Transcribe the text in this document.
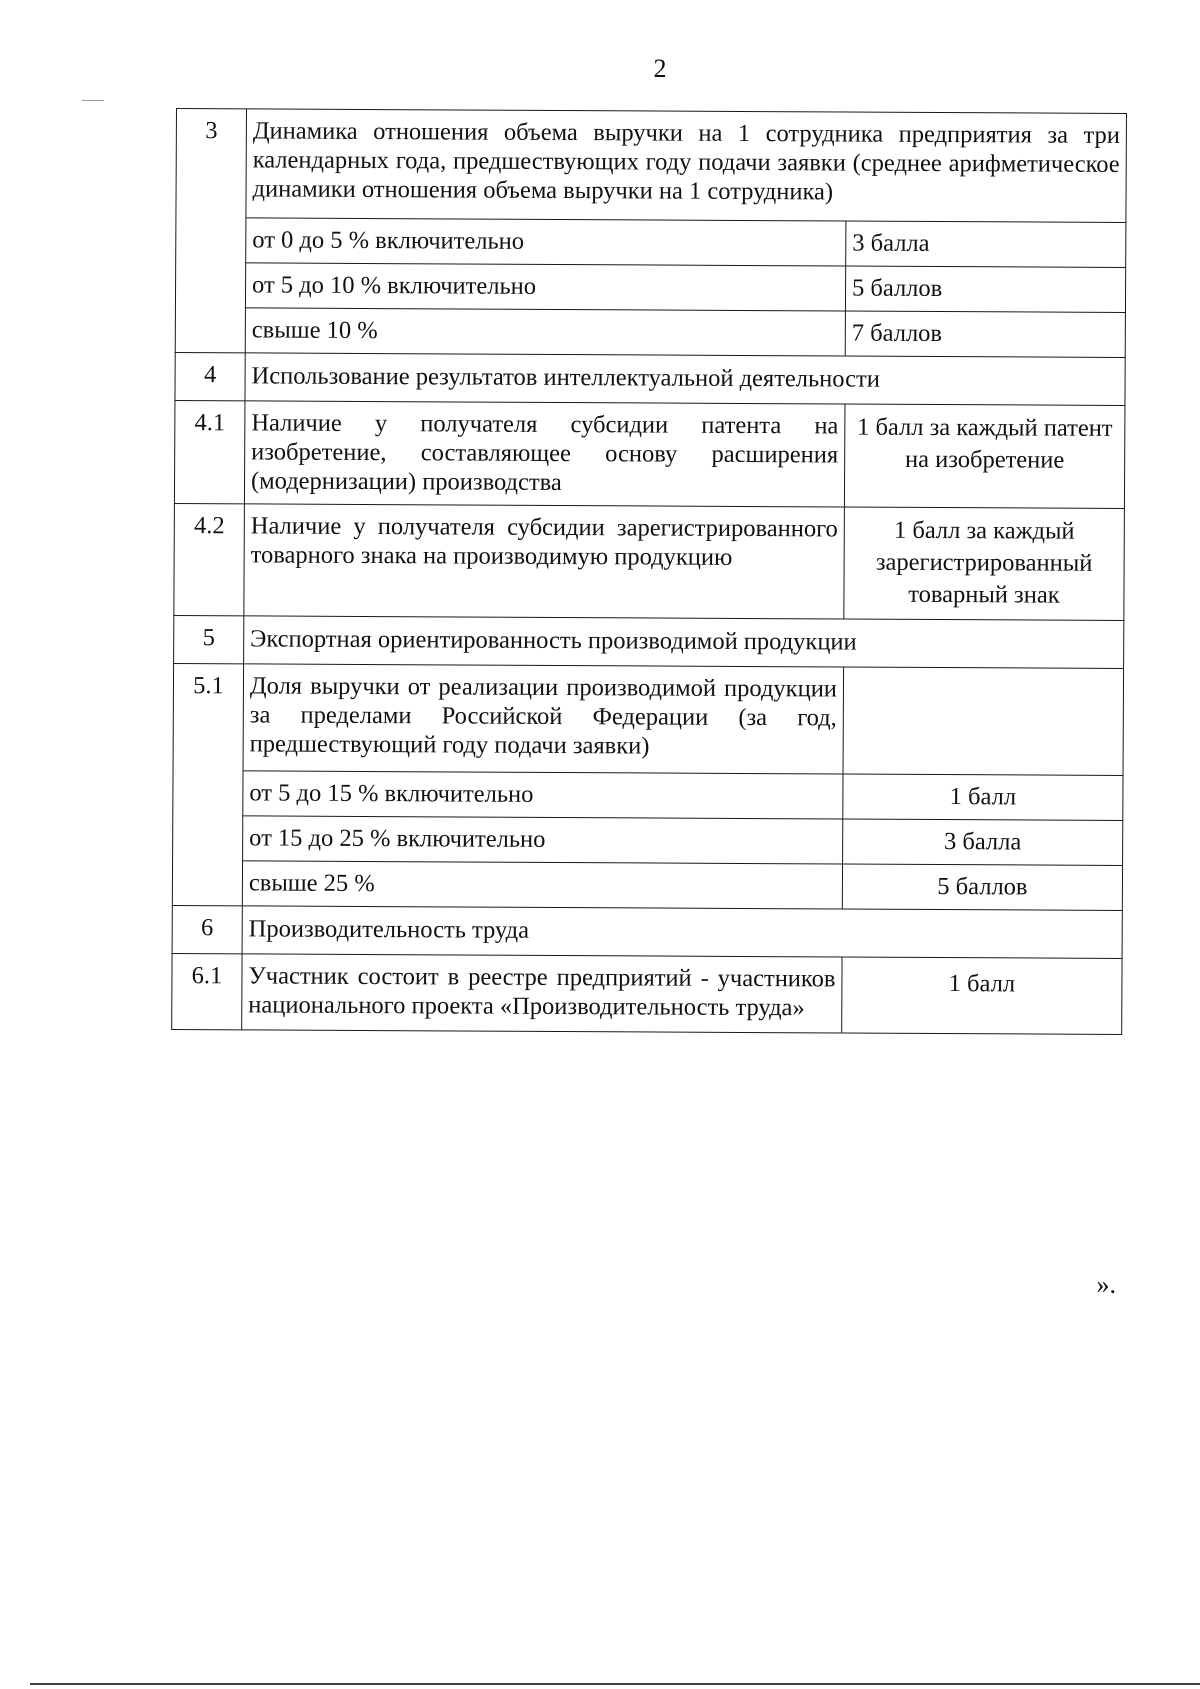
2
3	Динамика отношения объема выручки на 1 сотрудника предприятия за три календарных года, предшествующих году подачи заявки (среднее арифметическое динамики отношения объема выручки на 1 сотрудника)	
	от 0 до 5 % включительно	3 балла
	от 5 до 10 % включительно	5 баллов
	свыше 10 %	7 баллов
4	Использование результатов интеллектуальной деятельности	
4.1	Наличие у получателя субсидии патента на изобретение, составляющее основу расширения (модернизации) производства	1 балл за каждый патент на изобретение
4.2	Наличие у получателя субсидии зарегистрированного товарного знака на производимую продукцию	1 балл за каждый зарегистрированный товарный знак
5	Экспортная ориентированность производимой продукции	
5.1	Доля выручки от реализации производимой продукции за пределами Российской Федерации (за год, предшествующий году подачи заявки)	
	от 5 до 15 % включительно	1 балл
	от 15 до 25 % включительно	3 балла
	свыше 25 %	5 баллов
6	Производительность труда	
6.1	Участник состоит в реестре предприятий - участников национального проекта «Производительность труда»	1 балл
».
